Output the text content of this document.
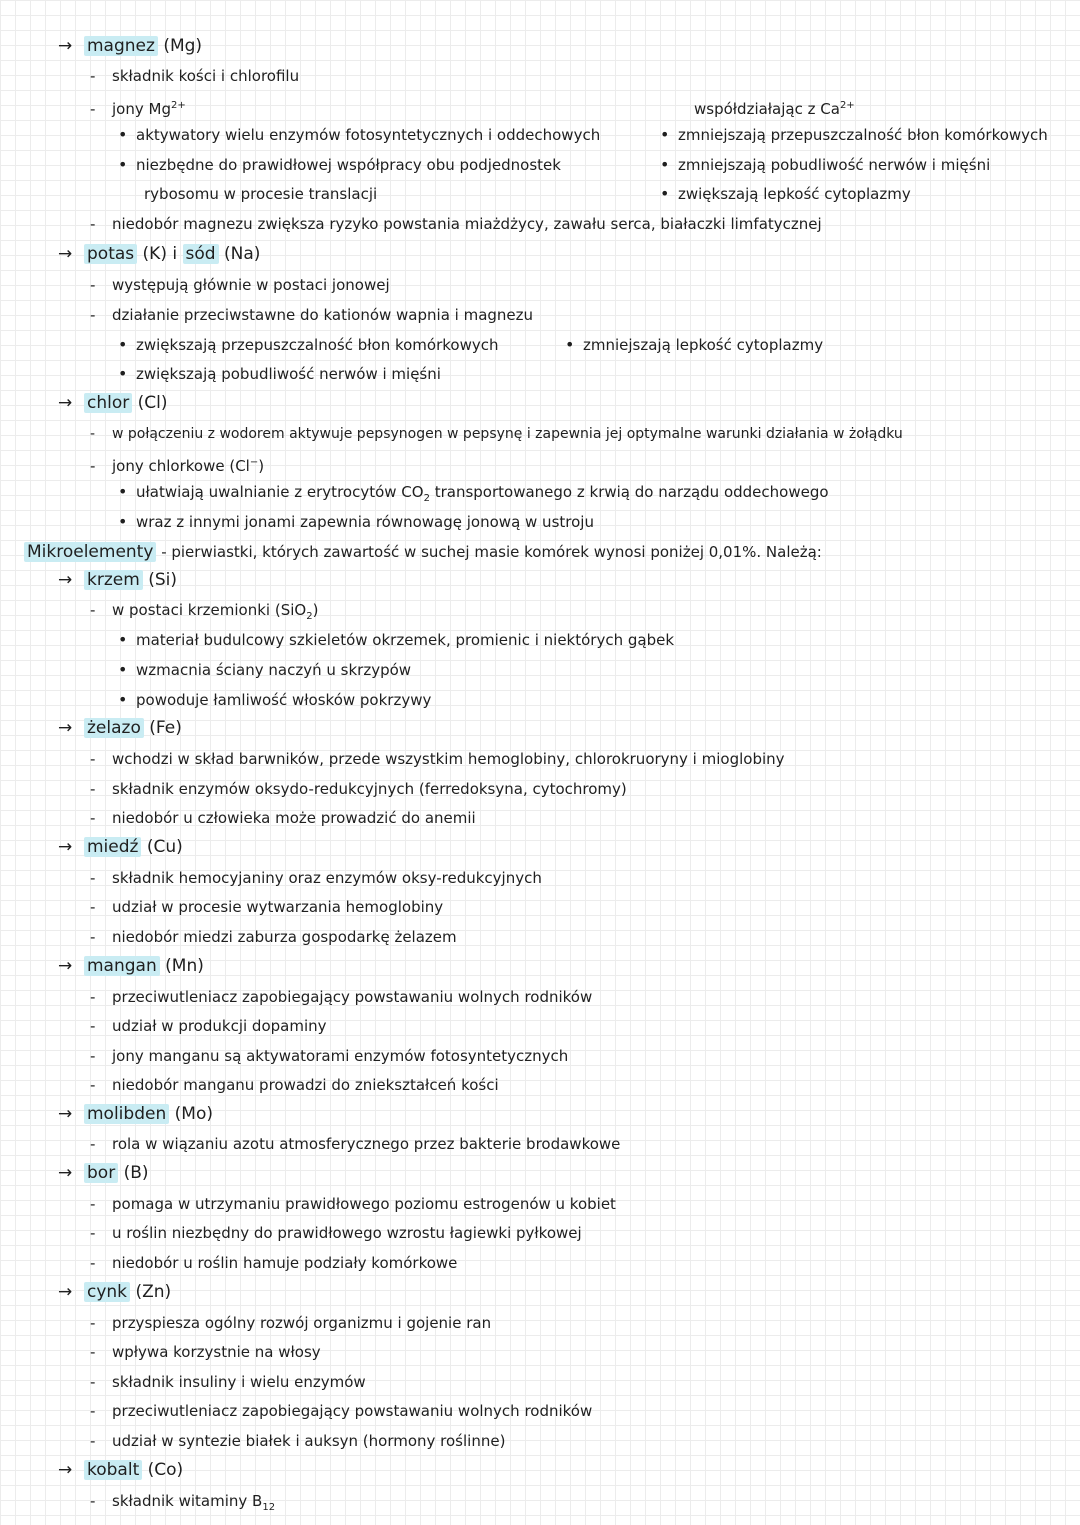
→ magnez (Mg)
- składnik kości i chlorofilu
- jony $Mg^{2+}$	współdziałając z $Ca^{2+}$
• aktywatory wielu enzymów fotosyntetycznych i oddechowych	• zmniejszają przepuszczalność błon komórkowych
• niezbędne do prawidłowej współpracy obu podjednostek	• zmniejszają pobudliwość nerwów i mięśni
rybosomu w procesie translacji	• zwiększają lepkość cytoplazmy
- niedobór magnezu zwiększa ryzyko powstania miażdżycy, zawału serca, białaczki limfatycznej
→ potas (K) i sód (Na)
- występują głównie w postaci jonowej
- działanie przeciwstawne do kationów wapnia i magnezu
• zwiększają przepuszczalność błon komórkowych	• zmniejszają lepkość cytoplazmy
• zwiększają pobudliwość nerwów i mięśni
→ chlor (Cl)
- w połączeniu z wodorem aktywuje pepsynogen w pepsynę i zapewnia jej optymalne warunki działania w żołądku
- jony chlorkowe (Cl−)
• ułatwiają uwalnianie z erytrocytów $CO_2$ transportowanego z krwią do narządu oddechowego
• wraz z innymi jonami zapewnia równowagę jonową w ustroju
Mikroelementy - pierwiastki, których zawartość w suchej masie komórek wynosi poniżej 0,01%. Należą:
→ krzem (Si)
- w postaci krzemionki (SiO$_2$)
• materiał budulcowy szkieletów okrzemek, promienic i niektórych gąbek
• wzmacnia ściany naczyń u skrzypów
• powoduje łamliwość włosków pokrzywy
→ żelazo (Fe)
- wchodzi w skład barwników, przede wszystkim hemoglobiny, chlorokruoryny i mioglobiny
- składnik enzymów oksydo-redukcyjnych (ferredoksyna, cytochromy)
- niedobór u człowieka może prowadzić do anemii
→ miedź (Cu)
- składnik hemocyjaniny oraz enzymów oksy-redukcyjnych
- udział w procesie wytwarzania hemoglobiny
- niedobór miedzi zaburza gospodarkę żelazem
→ mangan (Mn)
- przeciwutleniacz zapobiegający powstawaniu wolnych rodników
- udział w produkcji dopaminy
- jony manganu są aktywatorami enzymów fotosyntetycznych
- niedobór manganu prowadzi do zniekształceń kości
→ molibden (Mo)
- rola w wiązaniu azotu atmosferycznego przez bakterie brodawkowe
→ bor (B)
- pomaga w utrzymaniu prawidłowego poziomu estrogenów u kobiet
- u roślin niezbędny do prawidłowego wzrostu łagiewki pyłkowej
- niedobór u roślin hamuje podziały komórkowe
→ cynk (Zn)
- przyspiesza ogólny rozwój organizmu i gojenie ran
- wpływa korzystnie na włosy
- składnik insuliny i wielu enzymów
- przeciwutleniacz zapobiegający powstawaniu wolnych rodników
- udział w syntezie białek i auksyn (hormony roślinne)
→ kobalt (Co)
- składnik witaminy $B_{12}$
